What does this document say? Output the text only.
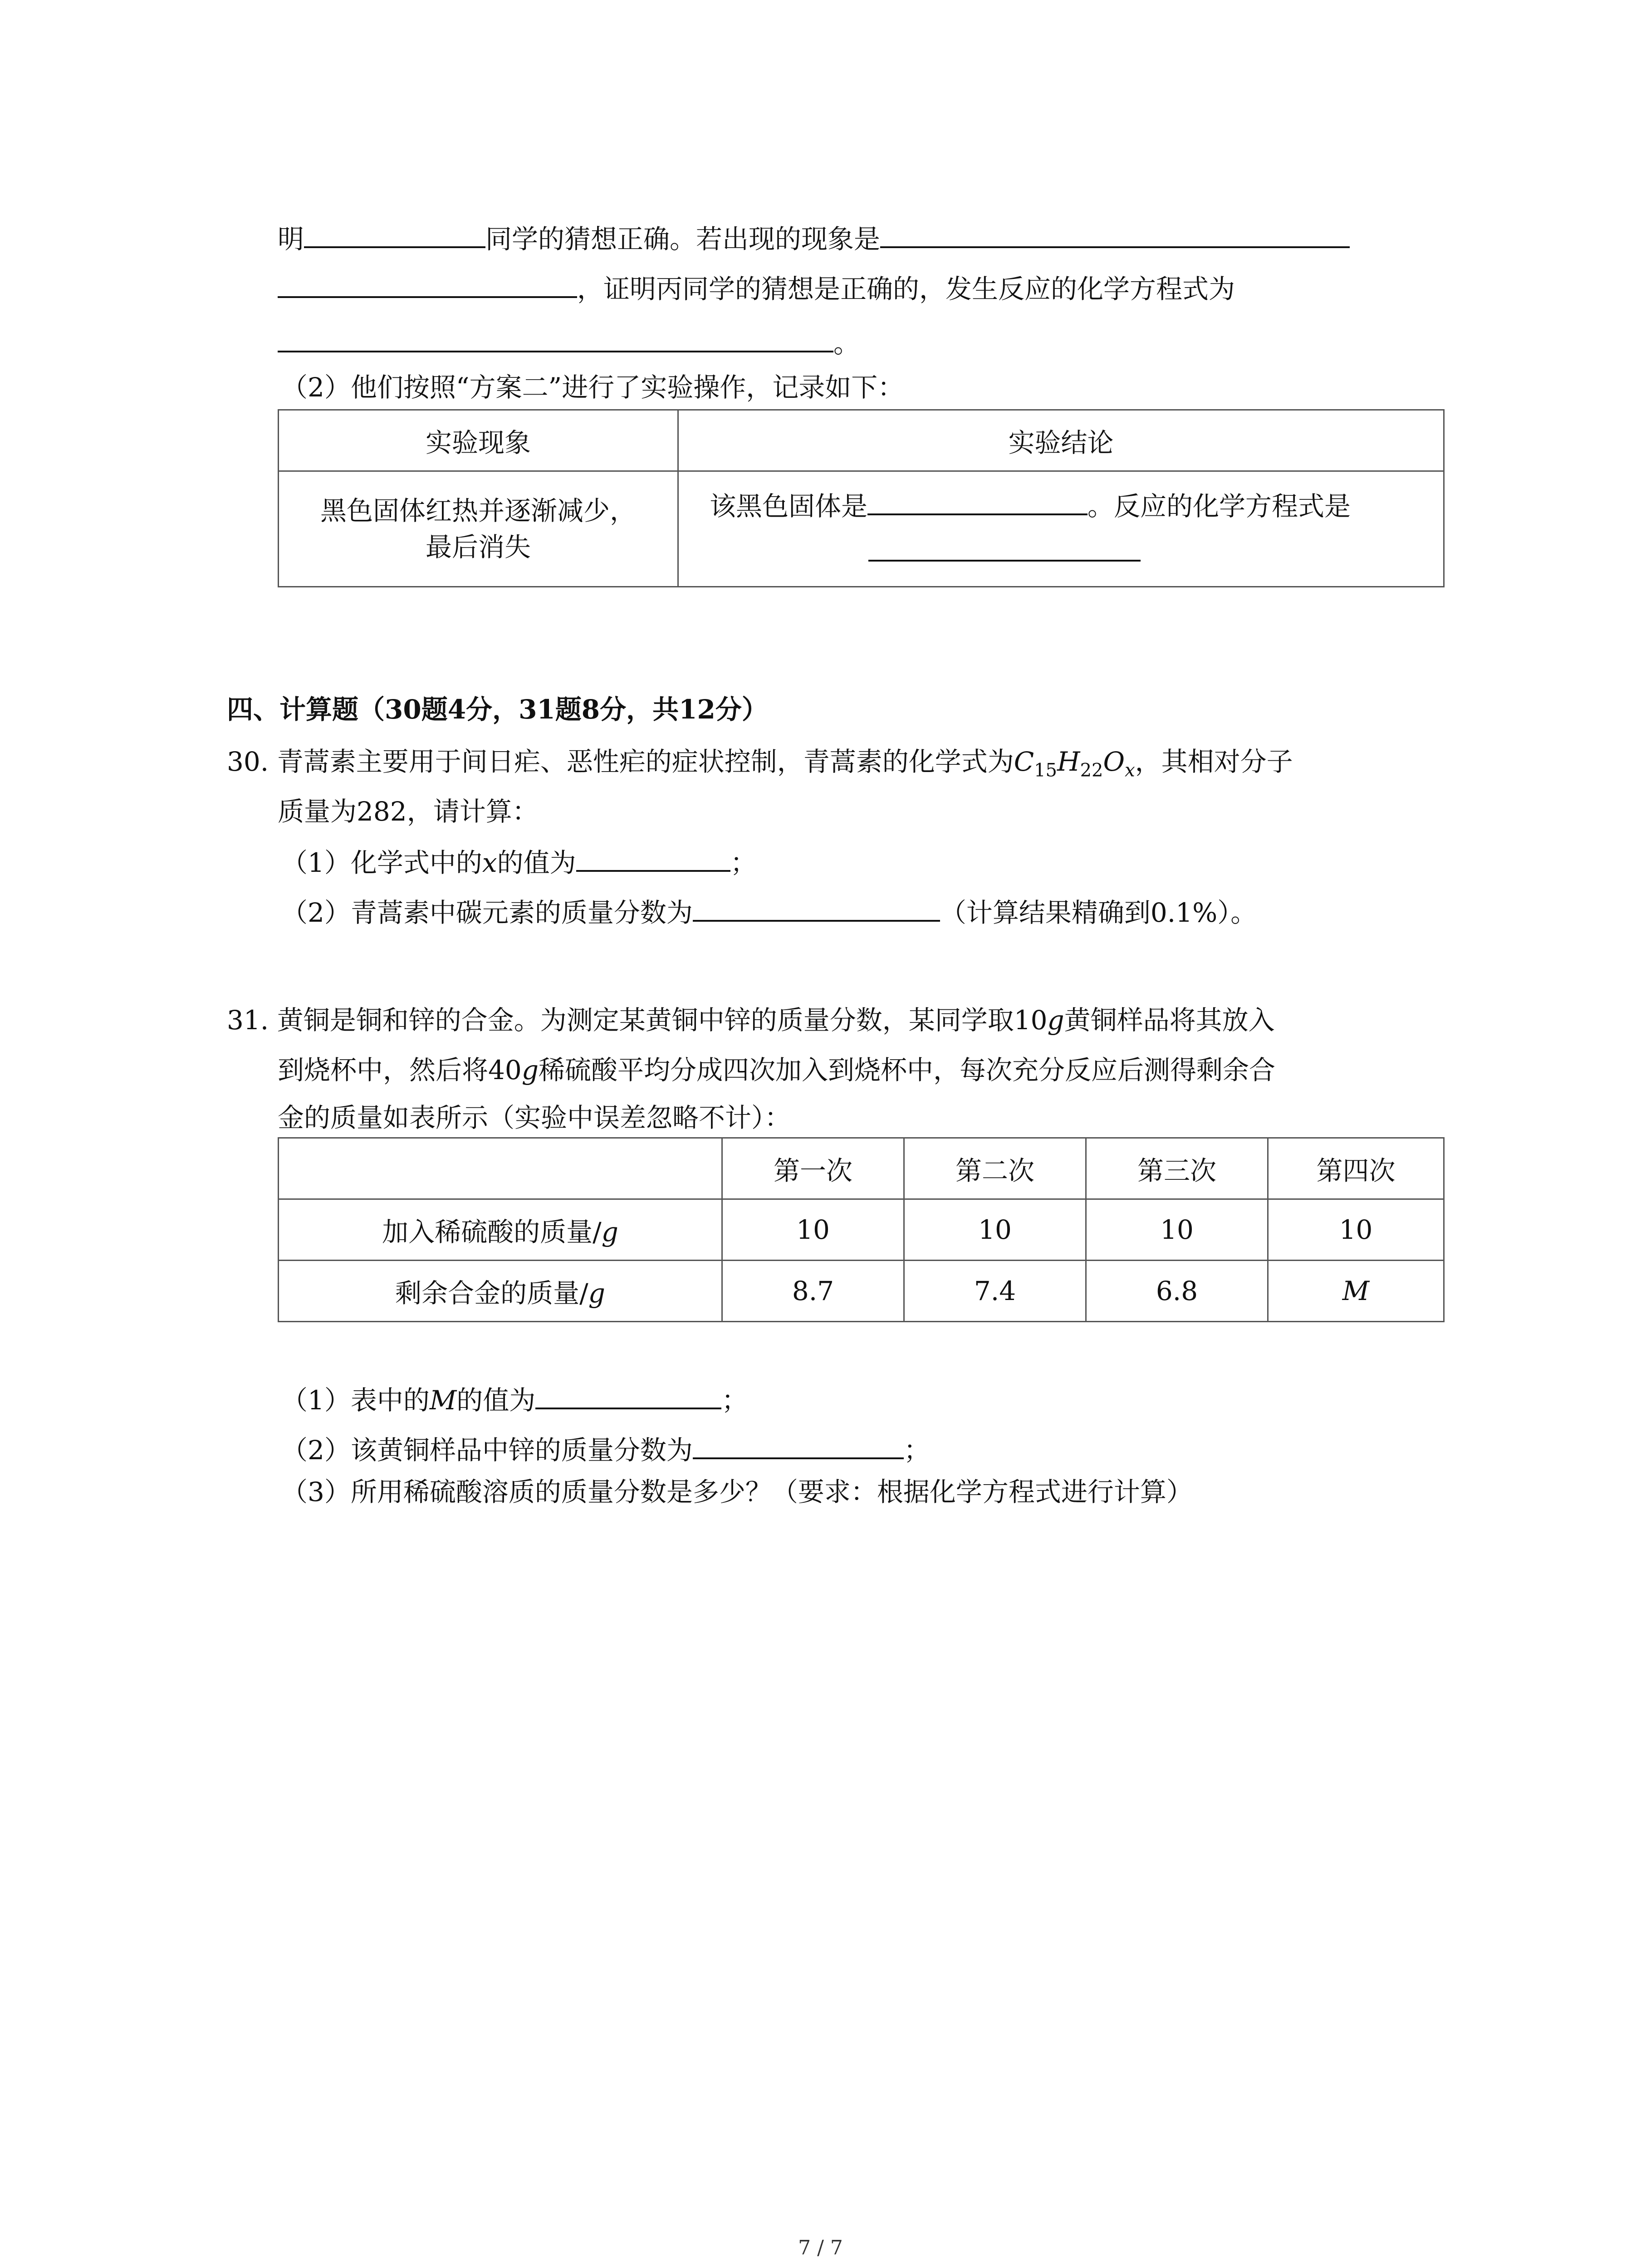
明	同学的猜想正确。若出现的现象是
，证明丙同学的猜想是正确的，发生反应的化学方程式为
。
（2）他们按照“方案二”进行了实验操作，记录如下：
实验现象	实验结论

黑色固体红热并逐渐减少，
最后消失	该黑色固体是 。反应的化学方程式是
四、计算题（30题4分，31题8分，共12分）
30. 青蒿素主要用于间日疟、恶性疟的症状控制，青蒿素的化学式为$C_{15}H_{22}O_x$，其相对分子
质量为282，请计算：
（1）化学式中的x的值为	；
（2）青蒿素中碳元素的质量分数为	（计算结果精确到0.1%）。
31. 黄铜是铜和锌的合金。为测定某黄铜中锌的质量分数，某同学取10g黄铜样品将其放入
到烧杯中，然后将40g稀硫酸平均分成四次加入到烧杯中，每次充分反应后测得剩余合
金的质量如表所示（实验中误差忽略不计）：
	第一次	第二次	第三次	第四次
加入稀硫酸的质量/g	10	10	10	10
剩余合金的质量/g	8.7	7.4	6.8	M
（1）表中的M的值为	；
（2）该黄铜样品中锌的质量分数为	；
（3）所用稀硫酸溶质的质量分数是多少？（要求：根据化学方程式进行计算）
7 / 7
